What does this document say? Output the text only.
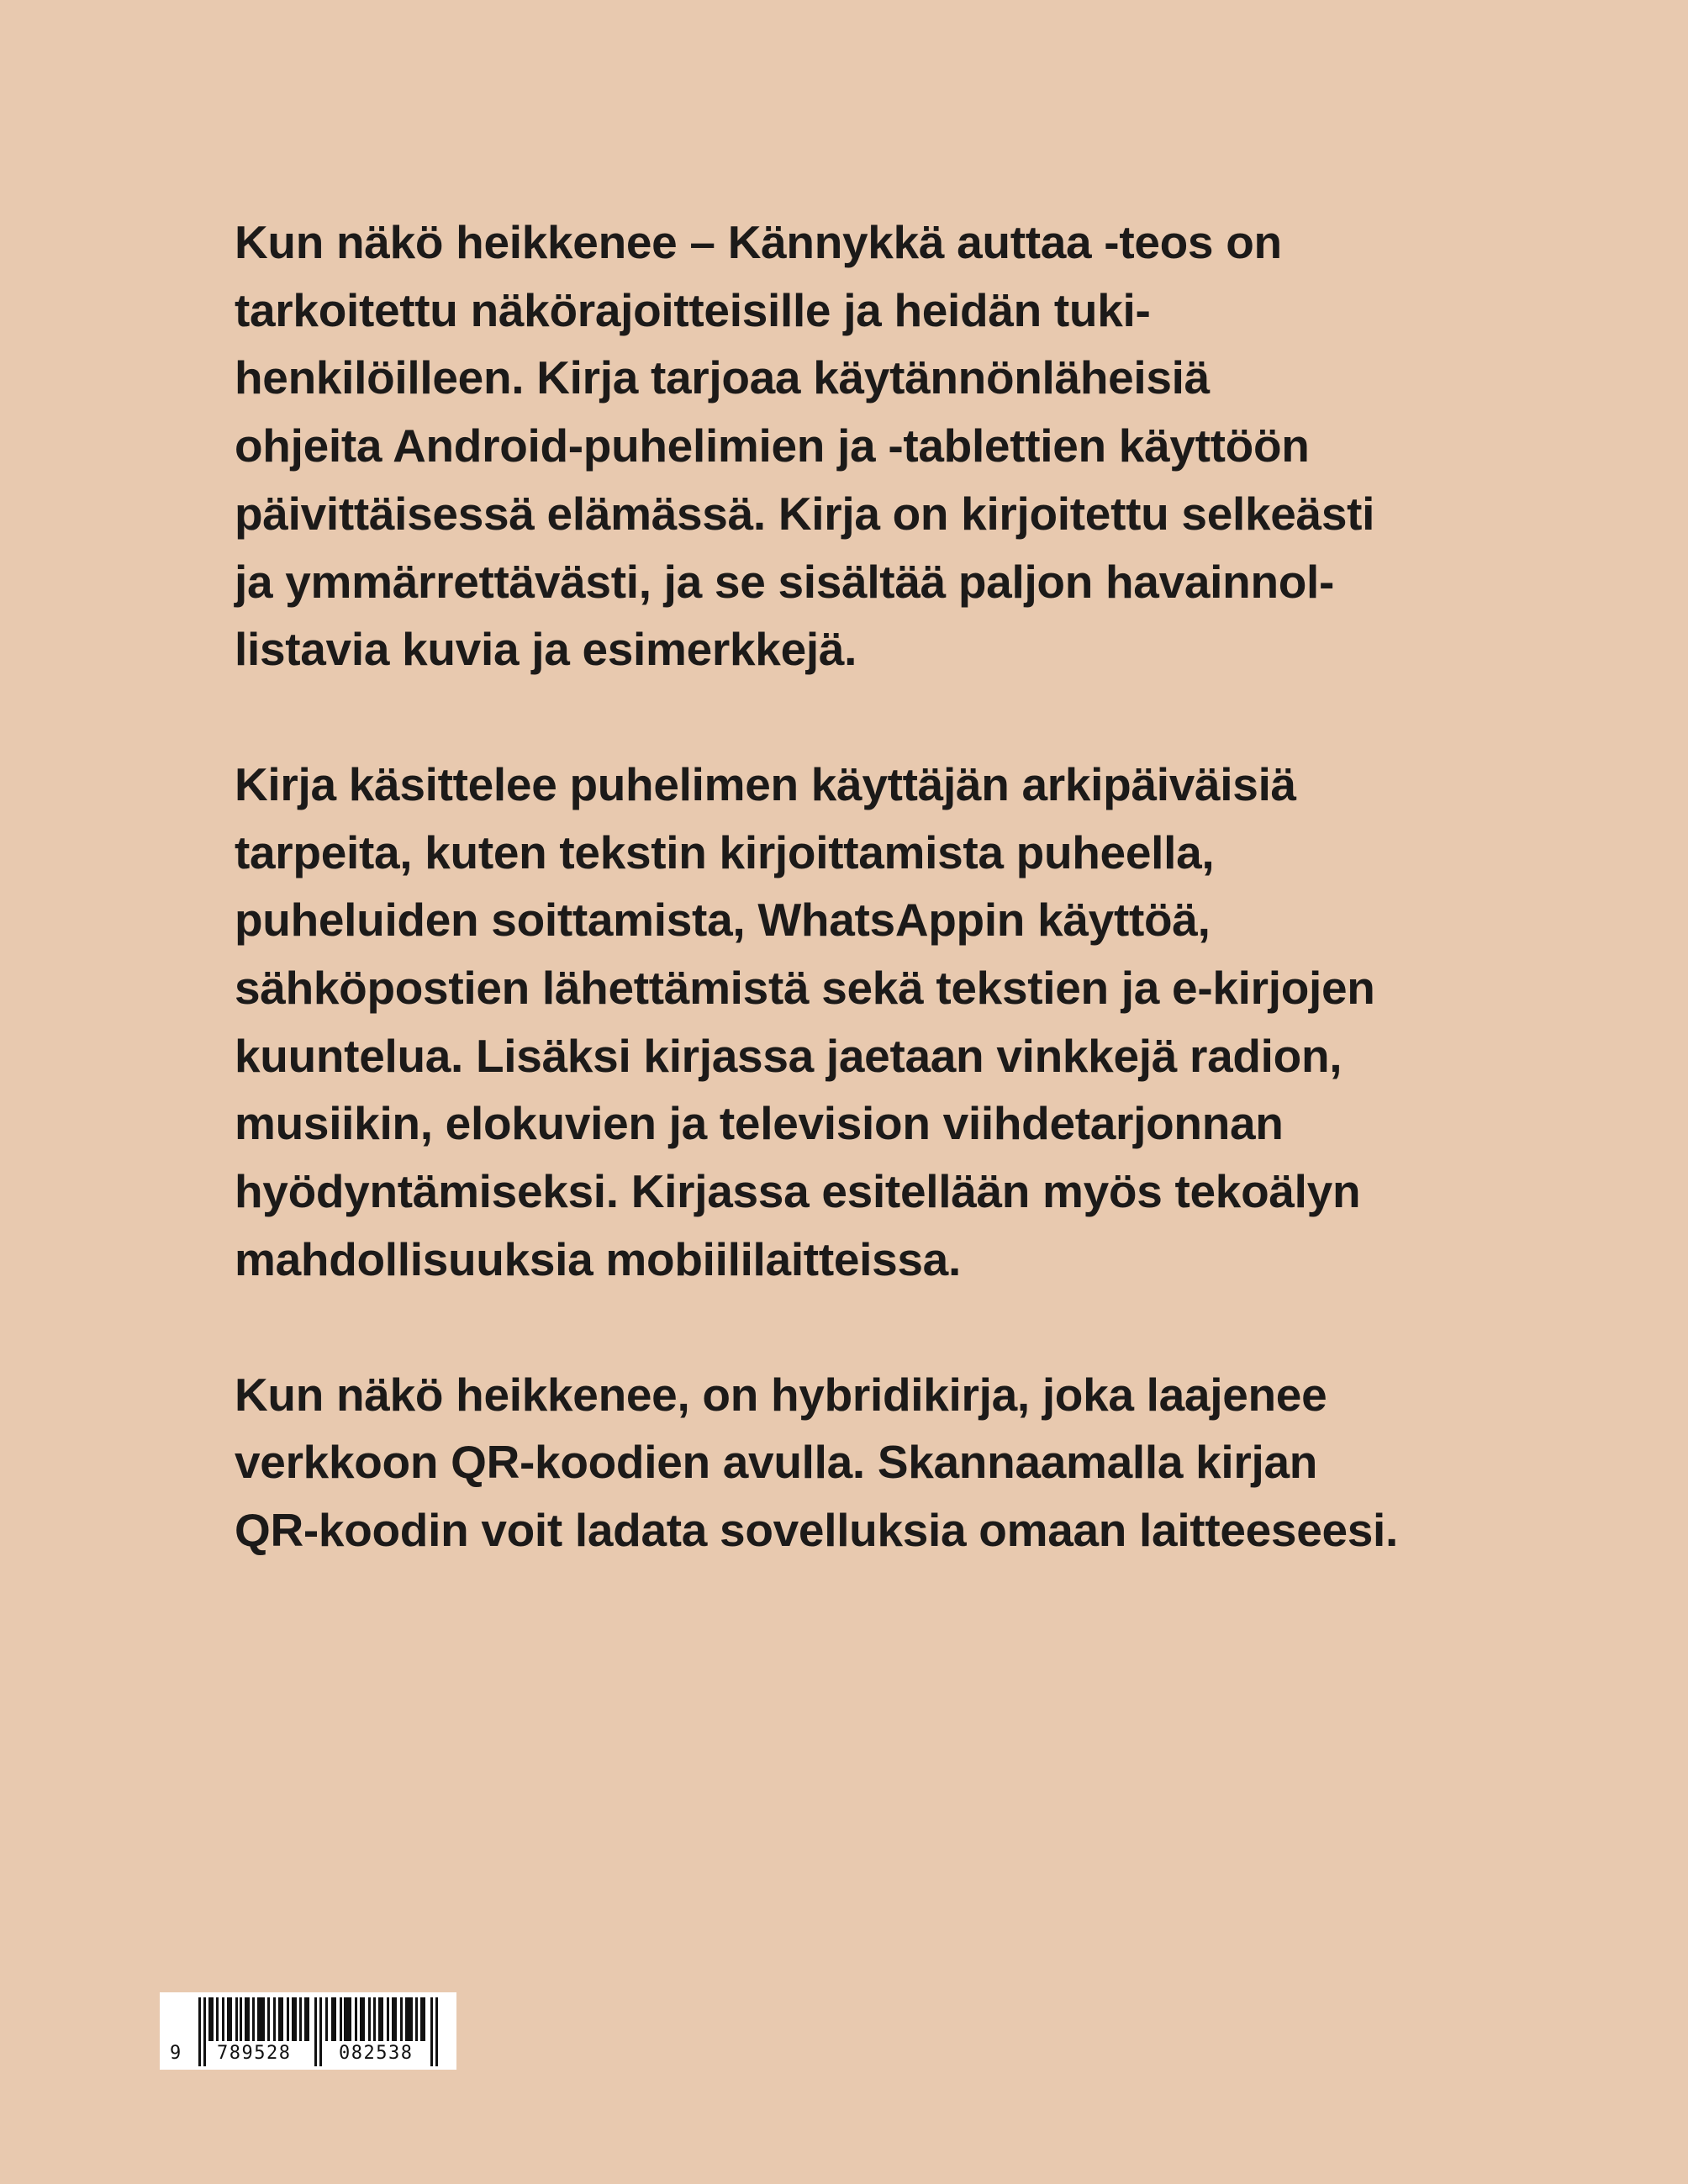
Kun näkö heikkenee – Kännykkä auttaa -teos on
tarkoitettu näkörajoitteisille ja heidän tuki-
henkilöilleen. Kirja tarjoaa käytännönläheisiä
ohjeita Android-puhelimien ja -tablettien käyttöön
päivittäisessä elämässä. Kirja on kirjoitettu selkeästi
ja ymmärrettävästi, ja se sisältää paljon havainnol-
listavia kuvia ja esimerkkejä.

Kirja käsittelee puhelimen käyttäjän arkipäiväisiä
tarpeita, kuten tekstin kirjoittamista puheella,
puheluiden soittamista, WhatsAppin käyttöä,
sähköpostien lähettämistä sekä tekstien ja e-kirjojen
kuuntelua. Lisäksi kirjassa jaetaan vinkkejä radion,
musiikin, elokuvien ja television viihdetarjonnan
hyödyntämiseksi. Kirjassa esitellään myös tekoälyn
mahdollisuuksia mobiililaitteissa.

Kun näkö heikkenee, on hybridikirja, joka laajenee
verkkoon QR-koodien avulla. Skannaamalla kirjan
QR-koodin voit ladata sovelluksia omaan laitteeseesi.

9 789528	082538
